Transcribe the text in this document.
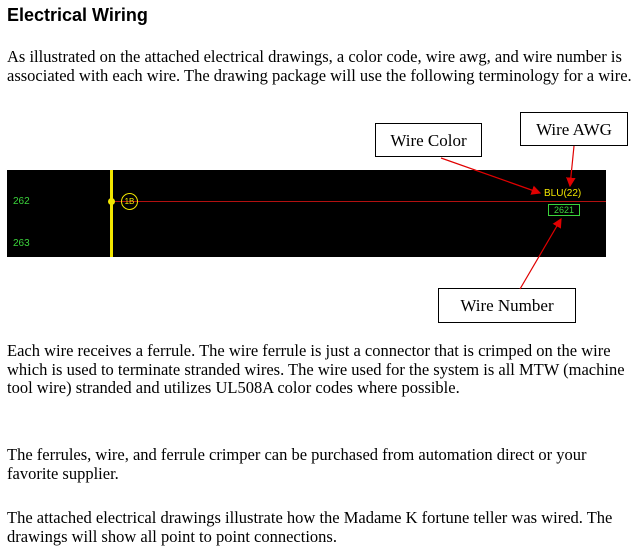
Electrical Wiring

As illustrated on the attached electrical drawings, a color code, wire awg, and wire number is associated with each wire. The drawing package will use the following terminology for a wire.

Wire Color
Wire AWG
262
263
1B
BLU(22)
2621
Wire Number

Each wire receives a ferrule. The wire ferrule is just a connector that is crimped on the wire which is used to terminate stranded wires. The wire used for the system is all MTW (machine tool wire) stranded and utilizes UL508A color codes where possible.

The ferrules, wire, and ferrule crimper can be purchased from automation direct or your favorite supplier.

The attached electrical drawings illustrate how the Madame K fortune teller was wired. The drawings will show all point to point connections.
